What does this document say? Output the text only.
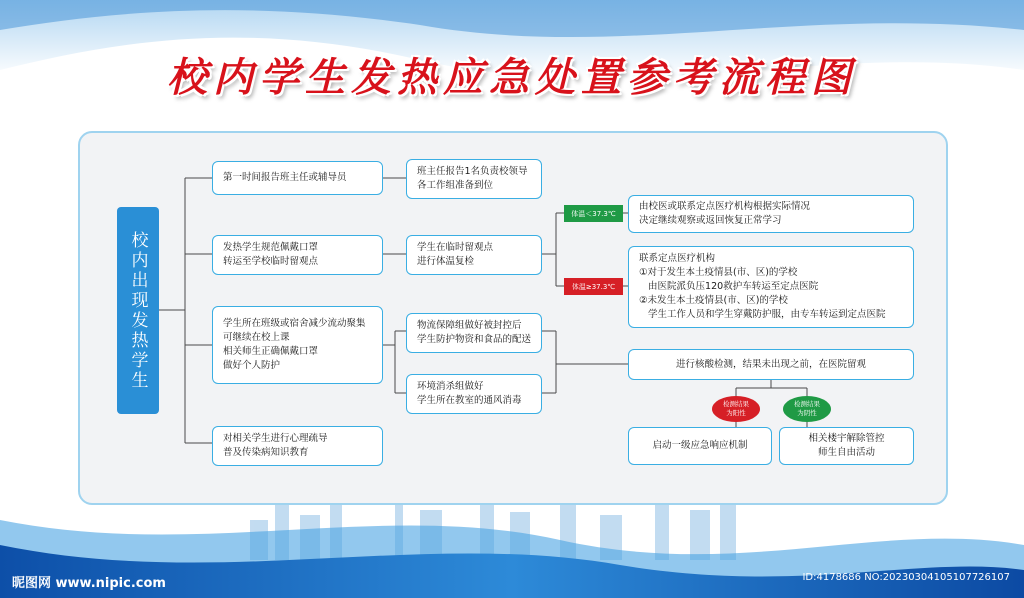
校内学生发热应急处置参考流程图
校内出现发热学生
第一时间报告班主任或辅导员
发热学生规范佩戴口罩
转运至学校临时留观点
学生所在班级或宿舍减少流动聚集
可继续在校上课
相关师生正确佩戴口罩
做好个人防护
对相关学生进行心理疏导
普及传染病知识教育
班主任报告1名负责校领导
各工作组准备到位
学生在临时留观点
进行体温复检
物流保障组做好被封控后
学生防护物资和食品的配送
环境消杀组做好
学生所在教室的通风消毒
体温＜37.3℃
体温≥37.3℃
由校医或联系定点医疗机构根据实际情况
决定继续观察或返回恢复正常学习
联系定点医疗机构
①对于发生本土疫情县(市、区)的学校
由医院派负压120救护车转运至定点医院
②未发生本土疫情县(市、区)的学校
学生工作人员和学生穿戴防护服，由专车转运到定点医院
进行核酸检测，结果未出现之前，在医院留观
检测结果
为阳性
检测结果
为阴性
启动一级应急响应机制
相关楼宇解除管控
师生自由活动
昵图网 www.nipic.com	ID:4178686 NO:20230304105107726107
